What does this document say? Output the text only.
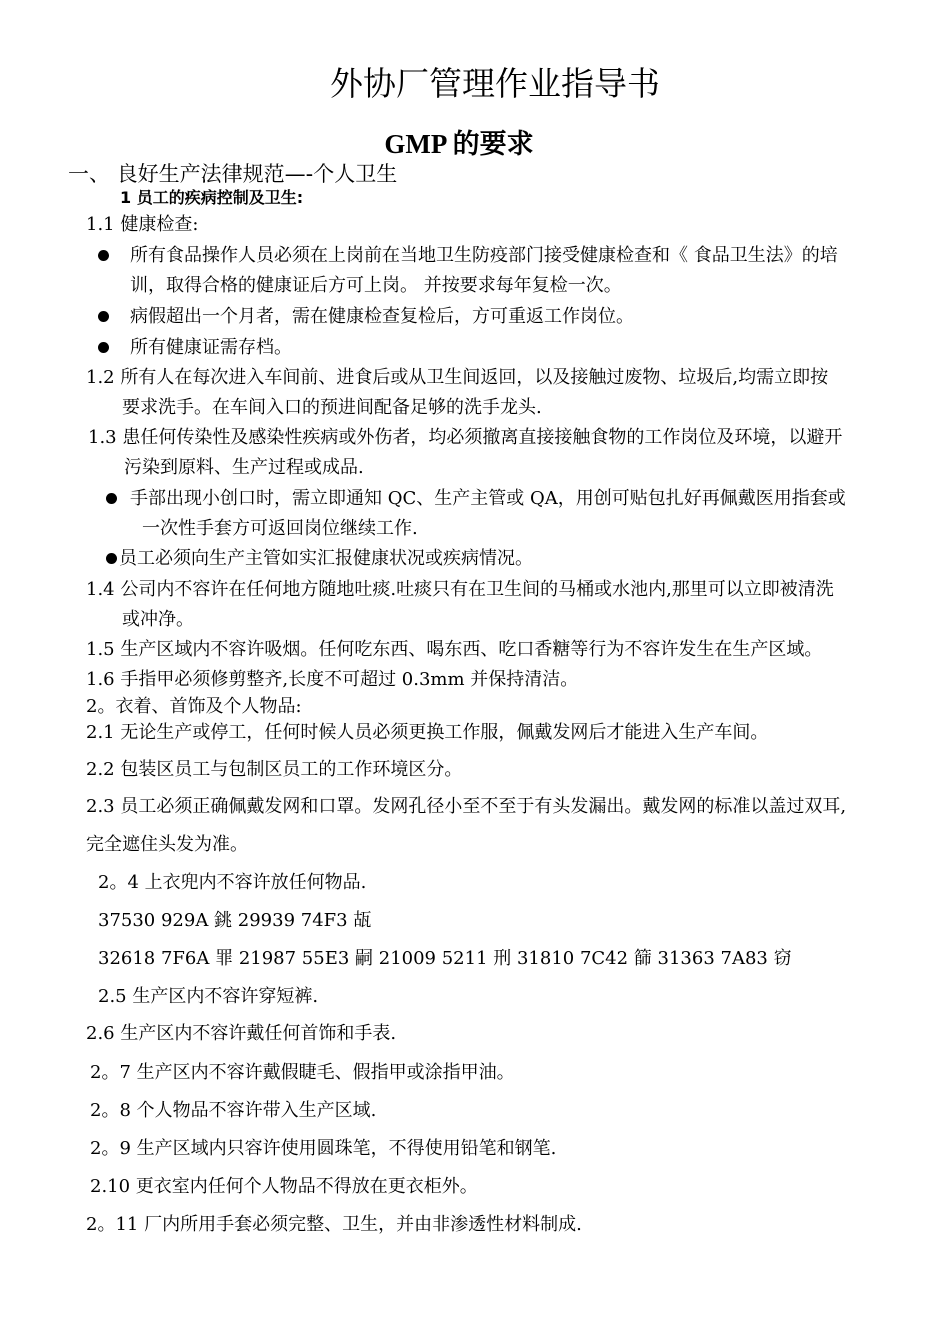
外协厂管理作业指导书
GMP 的要求
一、 良好生产法律规范—-个人卫生
1 员工的疾病控制及卫生:
1.1 健康检查:
所有食品操作人员必须在上岗前在当地卫生防疫部门接受健康检查和《 食品卫生法》的培
训，取得合格的健康证后方可上岗。 并按要求每年复检一次。
病假超出一个月者，需在健康检查复检后，方可重返工作岗位。
所有健康证需存档。
1.2 所有人在每次进入车间前、进食后或从卫生间返回，以及接触过废物、垃圾后,均需立即按
要求洗手。在车间入口的预进间配备足够的洗手龙头.
1.3 患任何传染性及感染性疾病或外伤者，均必须撤离直接接触食物的工作岗位及环境，以避开
污染到原料、生产过程或成品.
手部出现小创口时，需立即通知 QC、生产主管或 QA，用创可贴包扎好再佩戴医用指套或
一次性手套方可返回岗位继续工作.
员工必须向生产主管如实汇报健康状况或疾病情况。
1.4 公司内不容许在任何地方随地吐痰.吐痰只有在卫生间的马桶或水池内,那里可以立即被清洗
或冲净。
1.5 生产区域内不容许吸烟。任何吃东西、喝东西、吃口香糖等行为不容许发生在生产区域。
1.6 手指甲必须修剪整齐,长度不可超过 0.3mm 并保持清洁。
2。衣着、首饰及个人物品:
2.1 无论生产或停工，任何时候人员必须更换工作服，佩戴发网后才能进入生产车间。
2.2 包装区员工与包制区员工的工作环境区分。
2.3 员工必须正确佩戴发网和口罩。发网孔径小至不至于有头发漏出。戴发网的标准以盖过双耳,
完全遮住头发为准。
2。4 上衣兜内不容许放任何物品.
37530 929A 銚 29939 74F3 瓳
32618 7F6A 罪 21987 55E3 嗣 21009 5211 刑 31810 7C42 篩 31363 7A83 窃
2.5 生产区内不容许穿短裤.
2.6 生产区内不容许戴任何首饰和手表.
2。7 生产区内不容许戴假睫毛、假指甲或涂指甲油。
2。8 个人物品不容许带入生产区域.
2。9 生产区域内只容许使用圆珠笔，不得使用铅笔和钢笔.
2.10 更衣室内任何个人物品不得放在更衣柜外。
2。11 厂内所用手套必须完整、卫生，并由非渗透性材料制成.
